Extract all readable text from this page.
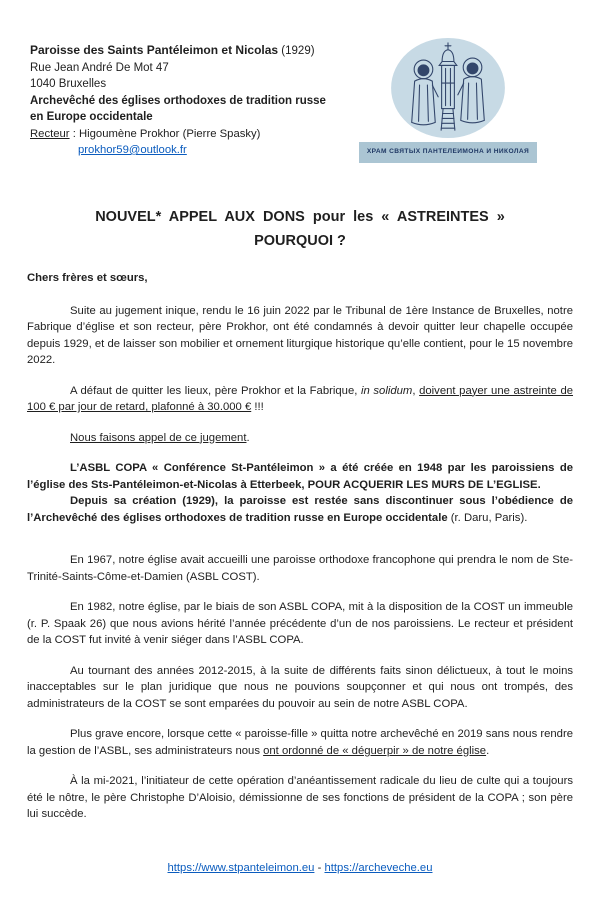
Paroisse des Saints Pantéleimon et Nicolas (1929)
Rue Jean André De Mot 47
1040 Bruxelles
Archevêché des églises orthodoxes de tradition russe
en Europe occidentale
Recteur : Higoumène Prokhor (Pierre Spasky)
prokhor59@outlook.fr	ХРАМ СВЯТЫХ ПАНТЕЛЕИМОНА И НИКОЛАЯ
NOUVEL* APPEL AUX DONS pour les « ASTREINTES »
POURQUOI ?
Chers frères et sœurs,

Suite au jugement inique, rendu le 16 juin 2022 par le Tribunal de 1ère Instance de Bruxelles, notre Fabrique d’église et son recteur, père Prokhor, ont été condamnés à devoir quitter leur chapelle occupée depuis 1929, et de laisser son mobilier et ornement liturgique historique qu’elle contient, pour le 15 novembre 2022.

A défaut de quitter les lieux, père Prokhor et la Fabrique, in solidum, doivent payer une astreinte de 100 € par jour de retard, plafonné à 30.000 € !!!

Nous faisons appel de ce jugement.

L’ASBL COPA « Conférence St-Pantéleimon » a été créée en 1948 par les paroissiens de l’église des Sts-Pantéleimon-et-Nicolas à Etterbeek, POUR ACQUERIR LES MURS DE L’EGLISE.

Depuis sa création (1929), la paroisse est restée sans discontinuer sous l’obédience de l’Archevêché des églises orthodoxes de tradition russe en Europe occidentale (r. Daru, Paris).

En 1967, notre église avait accueilli une paroisse orthodoxe francophone qui prendra le nom de Ste-Trinité-Saints-Côme-et-Damien (ASBL COST).

En 1982, notre église, par le biais de son ASBL COPA, mit à la disposition de la COST un immeuble (r. P. Spaak 26) que nous avions hérité l’année précédente d’un de nos paroissiens. Le recteur et président de la COST fut invité à venir siéger dans l’ASBL COPA.

Au tournant des années 2012-2015, à la suite de différents faits sinon délictueux, à tout le moins inacceptables sur le plan juridique que nous ne pouvions soupçonner et qui nous ont trompés, des administrateurs de la COST se sont emparées du pouvoir au sein de notre ASBL COPA.

Plus grave encore, lorsque cette « paroisse-fille » quitta notre archevêché en 2019 sans nous rendre la gestion de l’ASBL, ses administrateurs nous ont ordonné de « déguerpir » de notre église.

À la mi-2021, l’initiateur de cette opération d’anéantissement radicale du lieu de culte qui a toujours été le nôtre, le père Christophe D’Aloisio, démissionne de ses fonctions de président de la COPA ; son père lui succède.

https://www.stpanteleimon.eu - https://archeveche.eu
